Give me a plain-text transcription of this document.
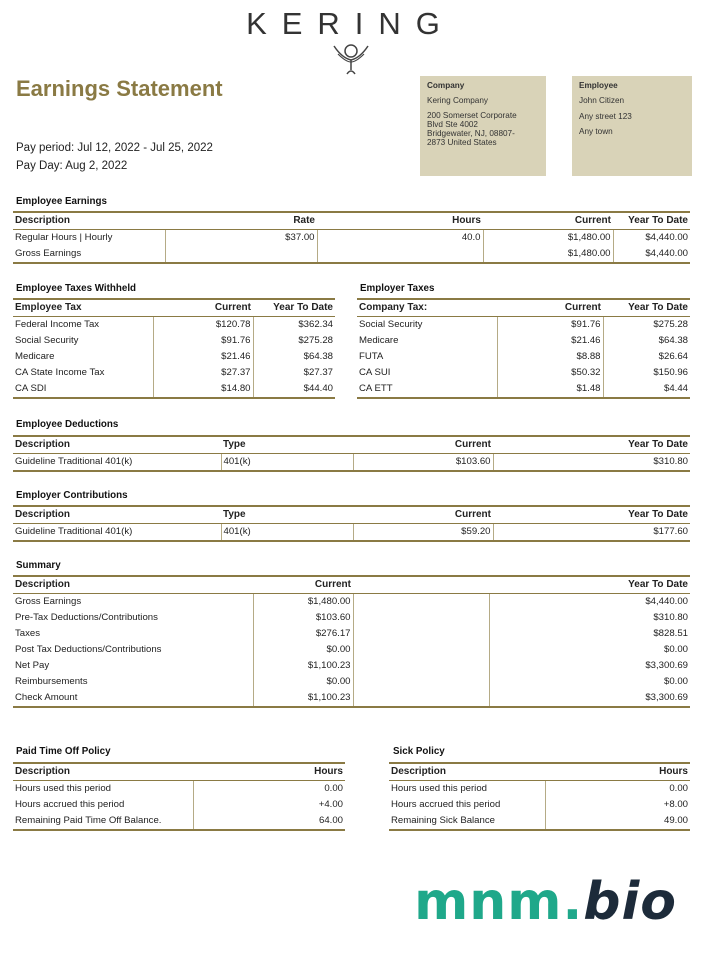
KERING
Earnings Statement
Pay period: Jul 12, 2022 - Jul 25, 2022
Pay Day: Aug 2, 2022
Company
Kering Company
200 Somerset Corporate
Blvd Ste 4002
Bridgewater, NJ, 08807-
2873 United States
Employee
John Citizen
Any street 123
Any town
Employee Earnings
Description	Rate	Hours	Current	Year To Date
Regular Hours | Hourly	$37.00	40.0	$1,480.00	$4,440.00
Gross Earnings			$1,480.00	$4,440.00
Employee Taxes Withheld
Employee Tax	Current	Year To Date
Federal Income Tax	$120.78	$362.34
Social Security	$91.76	$275.28
Medicare	$21.46	$64.38
CA State Income Tax	$27.37	$27.37
CA SDI	$14.80	$44.40
Employer Taxes
Company Tax:	Current	Year To Date
Social Security	$91.76	$275.28
Medicare	$21.46	$64.38
FUTA	$8.88	$26.64
CA SUI	$50.32	$150.96
CA ETT	$1.48	$4.44
Employee Deductions
Description	Type	Current	Year To Date
Guideline Traditional 401(k)	401(k)	$103.60	$310.80
Employer Contributions
Description	Type	Current	Year To Date
Guideline Traditional 401(k)	401(k)	$59.20	$177.60
Summary
Description	Current		Year To Date
Gross Earnings	$1,480.00		$4,440.00
Pre-Tax Deductions/Contributions	$103.60		$310.80
Taxes	$276.17		$828.51
Post Tax Deductions/Contributions	$0.00		$0.00
Net Pay	$1,100.23		$3,300.69
Reimbursements	$0.00		$0.00
Check Amount	$1,100.23		$3,300.69
Paid Time Off Policy
Description	Hours
Hours used this period	0.00
Hours accrued this period	+4.00
Remaining Paid Time Off Balance.	64.00
Sick Policy
Description	Hours
Hours used this period	0.00
Hours accrued this period	+8.00
Remaining Sick Balance	49.00
mnm.bio
